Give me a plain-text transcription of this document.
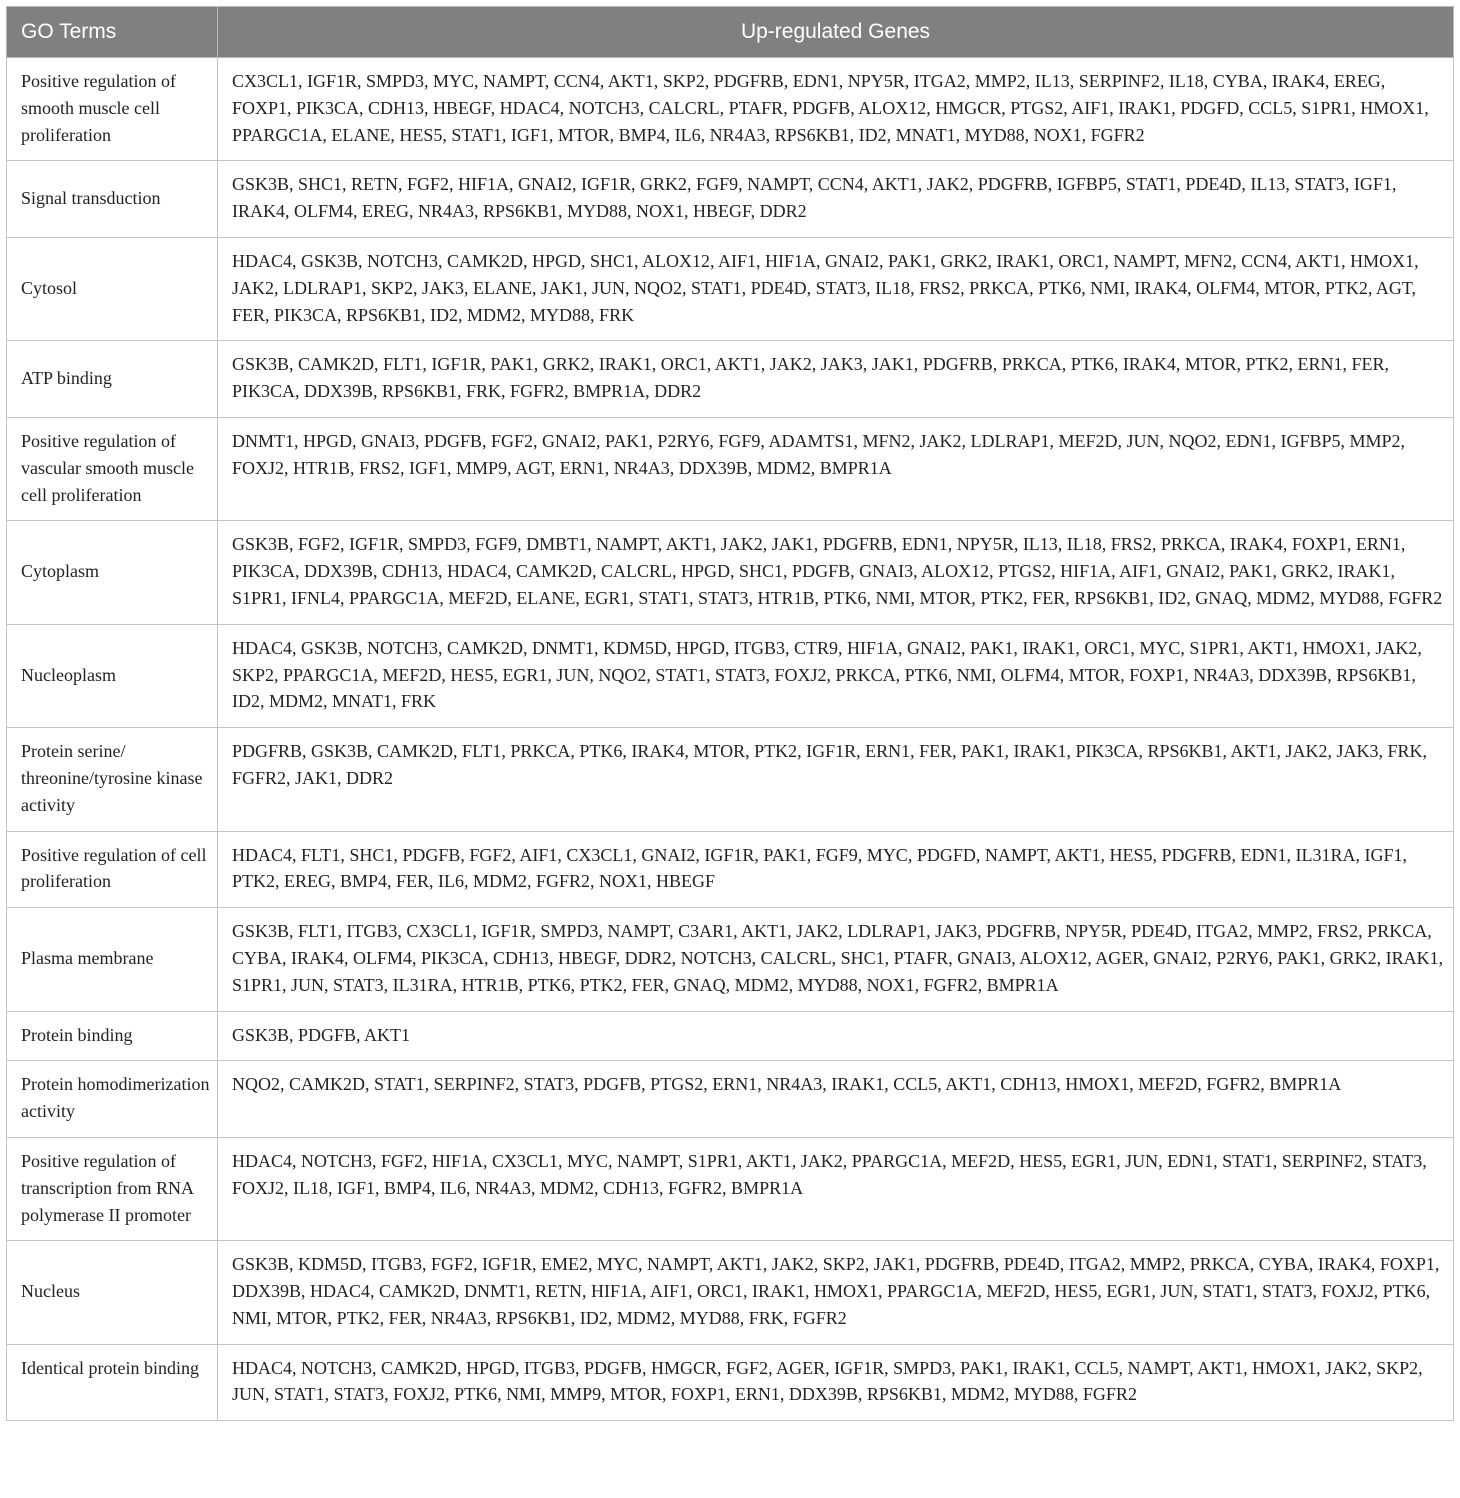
GO Terms	Up-regulated Genes
Positive regulation of smooth muscle cell proliferation	CX3CL1, IGF1R, SMPD3, MYC, NAMPT, CCN4, AKT1, SKP2, PDGFRB, EDN1, NPY5R, ITGA2, MMP2, IL13, SERPINF2, IL18, CYBA, IRAK4, EREG, FOXP1, PIK3CA, CDH13, HBEGF, HDAC4, NOTCH3, CALCRL, PTAFR, PDGFB, ALOX12, HMGCR, PTGS2, AIF1, IRAK1, PDGFD, CCL5, S1PR1, HMOX1, PPARGC1A, ELANE, HES5, STAT1, IGF1, MTOR, BMP4, IL6, NR4A3, RPS6KB1, ID2, MNAT1, MYD88, NOX1, FGFR2
Signal transduction	GSK3B, SHC1, RETN, FGF2, HIF1A, GNAI2, IGF1R, GRK2, FGF9, NAMPT, CCN4, AKT1, JAK2, PDGFRB, IGFBP5, STAT1, PDE4D, IL13, STAT3, IGF1, IRAK4, OLFM4, EREG, NR4A3, RPS6KB1, MYD88, NOX1, HBEGF, DDR2
Cytosol	HDAC4, GSK3B, NOTCH3, CAMK2D, HPGD, SHC1, ALOX12, AIF1, HIF1A, GNAI2, PAK1, GRK2, IRAK1, ORC1, NAMPT, MFN2, CCN4, AKT1, HMOX1, JAK2, LDLRAP1, SKP2, JAK3, ELANE, JAK1, JUN, NQO2, STAT1, PDE4D, STAT3, IL18, FRS2, PRKCA, PTK6, NMI, IRAK4, OLFM4, MTOR, PTK2, AGT, FER, PIK3CA, RPS6KB1, ID2, MDM2, MYD88, FRK
ATP binding	GSK3B, CAMK2D, FLT1, IGF1R, PAK1, GRK2, IRAK1, ORC1, AKT1, JAK2, JAK3, JAK1, PDGFRB, PRKCA, PTK6, IRAK4, MTOR, PTK2, ERN1, FER, PIK3CA, DDX39B, RPS6KB1, FRK, FGFR2, BMPR1A, DDR2
Positive regulation of vascular smooth muscle cell proliferation	DNMT1, HPGD, GNAI3, PDGFB, FGF2, GNAI2, PAK1, P2RY6, FGF9, ADAMTS1, MFN2, JAK2, LDLRAP1, MEF2D, JUN, NQO2, EDN1, IGFBP5, MMP2, FOXJ2, HTR1B, FRS2, IGF1, MMP9, AGT, ERN1, NR4A3, DDX39B, MDM2, BMPR1A
Cytoplasm	GSK3B, FGF2, IGF1R, SMPD3, FGF9, DMBT1, NAMPT, AKT1, JAK2, JAK1, PDGFRB, EDN1, NPY5R, IL13, IL18, FRS2, PRKCA, IRAK4, FOXP1, ERN1, PIK3CA, DDX39B, CDH13, HDAC4, CAMK2D, CALCRL, HPGD, SHC1, PDGFB, GNAI3, ALOX12, PTGS2, HIF1A, AIF1, GNAI2, PAK1, GRK2, IRAK1, S1PR1, IFNL4, PPARGC1A, MEF2D, ELANE, EGR1, STAT1, STAT3, HTR1B, PTK6, NMI, MTOR, PTK2, FER, RPS6KB1, ID2, GNAQ, MDM2, MYD88, FGFR2
Nucleoplasm	HDAC4, GSK3B, NOTCH3, CAMK2D, DNMT1, KDM5D, HPGD, ITGB3, CTR9, HIF1A, GNAI2, PAK1, IRAK1, ORC1, MYC, S1PR1, AKT1, HMOX1, JAK2, SKP2, PPARGC1A, MEF2D, HES5, EGR1, JUN, NQO2, STAT1, STAT3, FOXJ2, PRKCA, PTK6, NMI, OLFM4, MTOR, FOXP1, NR4A3, DDX39B, RPS6KB1, ID2, MDM2, MNAT1, FRK
Protein serine/ threonine/tyrosine kinase activity	PDGFRB, GSK3B, CAMK2D, FLT1, PRKCA, PTK6, IRAK4, MTOR, PTK2, IGF1R, ERN1, FER, PAK1, IRAK1, PIK3CA, RPS6KB1, AKT1, JAK2, JAK3, FRK, FGFR2, JAK1, DDR2
Positive regulation of cell proliferation	HDAC4, FLT1, SHC1, PDGFB, FGF2, AIF1, CX3CL1, GNAI2, IGF1R, PAK1, FGF9, MYC, PDGFD, NAMPT, AKT1, HES5, PDGFRB, EDN1, IL31RA, IGF1, PTK2, EREG, BMP4, FER, IL6, MDM2, FGFR2, NOX1, HBEGF
Plasma membrane	GSK3B, FLT1, ITGB3, CX3CL1, IGF1R, SMPD3, NAMPT, C3AR1, AKT1, JAK2, LDLRAP1, JAK3, PDGFRB, NPY5R, PDE4D, ITGA2, MMP2, FRS2, PRKCA, CYBA, IRAK4, OLFM4, PIK3CA, CDH13, HBEGF, DDR2, NOTCH3, CALCRL, SHC1, PTAFR, GNAI3, ALOX12, AGER, GNAI2, P2RY6, PAK1, GRK2, IRAK1, S1PR1, JUN, STAT3, IL31RA, HTR1B, PTK6, PTK2, FER, GNAQ, MDM2, MYD88, NOX1, FGFR2, BMPR1A
Protein binding	GSK3B, PDGFB, AKT1
Protein homodimerization activity	NQO2, CAMK2D, STAT1, SERPINF2, STAT3, PDGFB, PTGS2, ERN1, NR4A3, IRAK1, CCL5, AKT1, CDH13, HMOX1, MEF2D, FGFR2, BMPR1A
Positive regulation of transcription from RNA polymerase II promoter	HDAC4, NOTCH3, FGF2, HIF1A, CX3CL1, MYC, NAMPT, S1PR1, AKT1, JAK2, PPARGC1A, MEF2D, HES5, EGR1, JUN, EDN1, STAT1, SERPINF2, STAT3, FOXJ2, IL18, IGF1, BMP4, IL6, NR4A3, MDM2, CDH13, FGFR2, BMPR1A
Nucleus	GSK3B, KDM5D, ITGB3, FGF2, IGF1R, EME2, MYC, NAMPT, AKT1, JAK2, SKP2, JAK1, PDGFRB, PDE4D, ITGA2, MMP2, PRKCA, CYBA, IRAK4, FOXP1, DDX39B, HDAC4, CAMK2D, DNMT1, RETN, HIF1A, AIF1, ORC1, IRAK1, HMOX1, PPARGC1A, MEF2D, HES5, EGR1, JUN, STAT1, STAT3, FOXJ2, PTK6, NMI, MTOR, PTK2, FER, NR4A3, RPS6KB1, ID2, MDM2, MYD88, FRK, FGFR2
Identical protein binding	HDAC4, NOTCH3, CAMK2D, HPGD, ITGB3, PDGFB, HMGCR, FGF2, AGER, IGF1R, SMPD3, PAK1, IRAK1, CCL5, NAMPT, AKT1, HMOX1, JAK2, SKP2, JUN, STAT1, STAT3, FOXJ2, PTK6, NMI, MMP9, MTOR, FOXP1, ERN1, DDX39B, RPS6KB1, MDM2, MYD88, FGFR2
